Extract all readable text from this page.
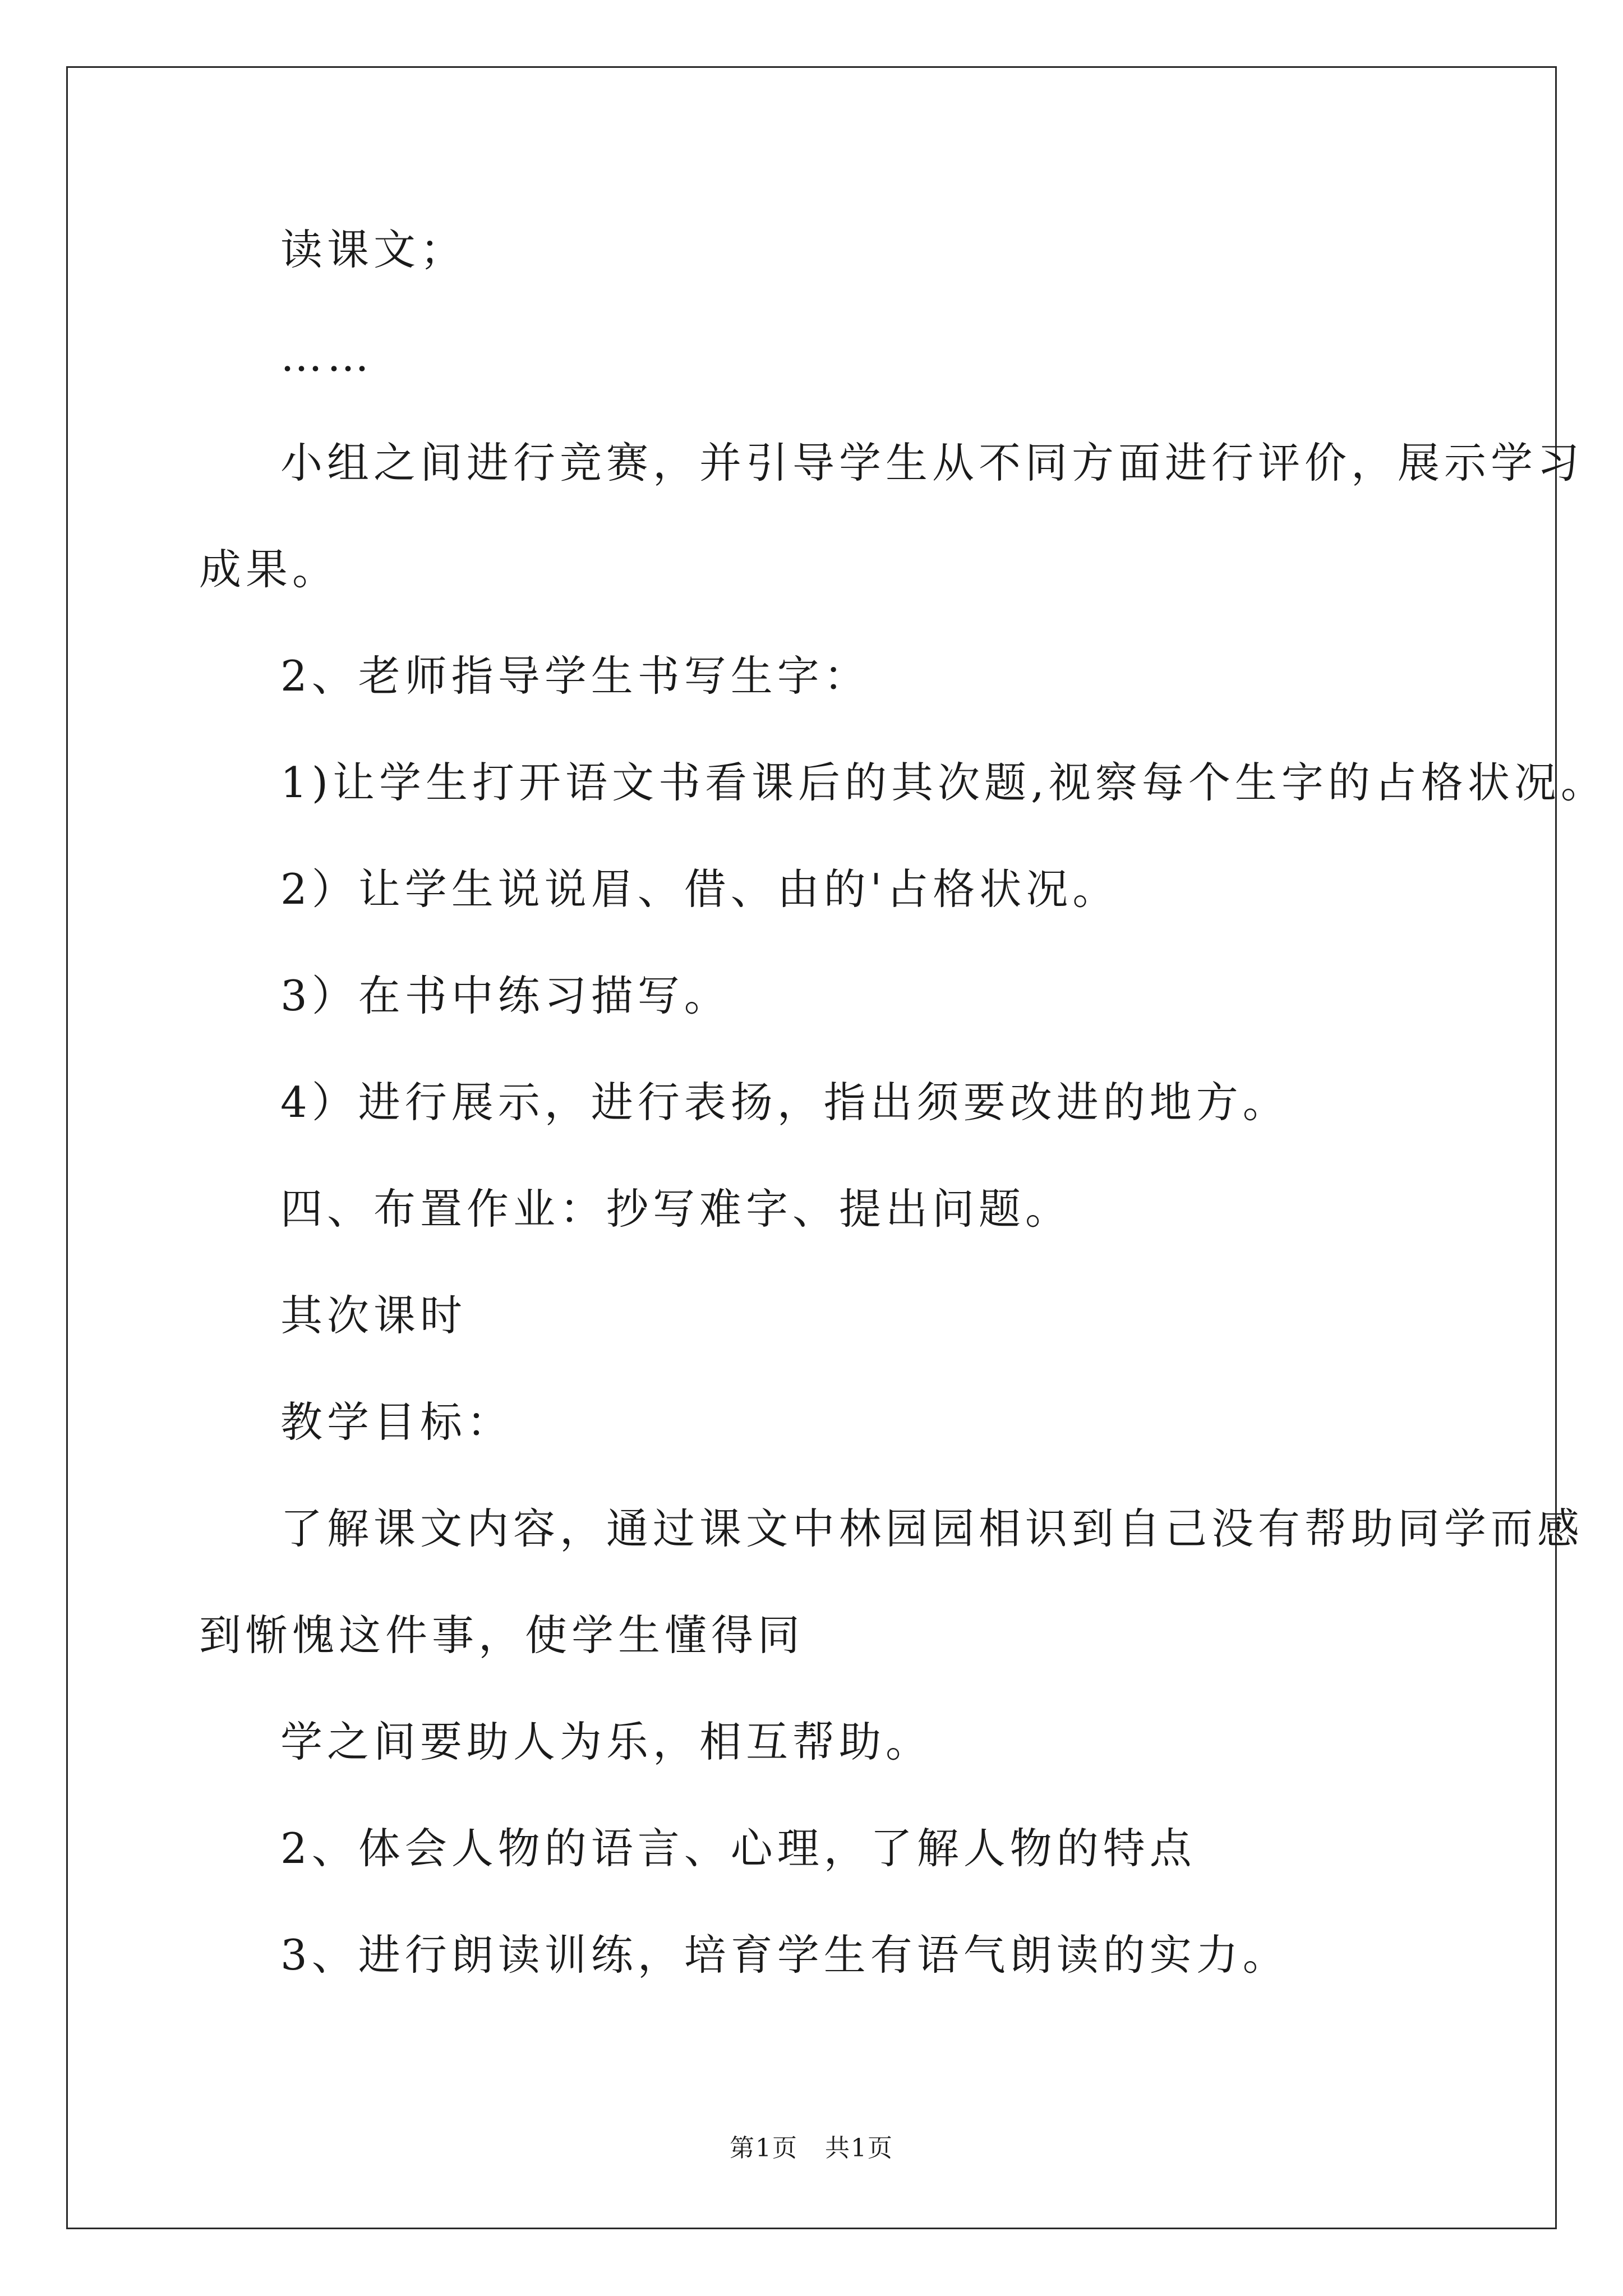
读课文；
……
小组之间进行竞赛，并引导学生从不同方面进行评价，展示学习
成果。
2、老师指导学生书写生字：
1)让学生打开语文书看课后的其次题,视察每个生字的占格状况。
2）让学生说说眉、借、由的'占格状况。
3）在书中练习描写。
4）进行展示，进行表扬，指出须要改进的地方。
四、布置作业：抄写难字、提出问题。
其次课时
教学目标：
了解课文内容，通过课文中林园园相识到自己没有帮助同学而感
到惭愧这件事，使学生懂得同
学之间要助人为乐，相互帮助。
2、体会人物的语言、心理，了解人物的特点
3、进行朗读训练，培育学生有语气朗读的实力。
第1页 共1页
